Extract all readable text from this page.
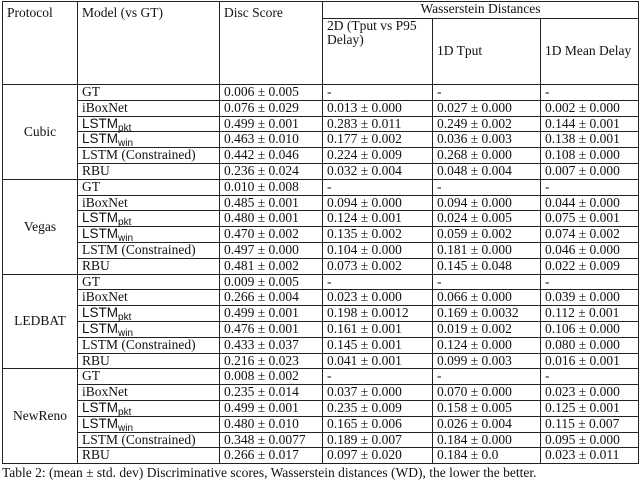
Protocol	Model (vs GT)	Disc Score	Wasserstein Distances		
			2D (Tput vs P95 Delay)	1D Tput	1D Mean Delay
Cubic	GT	0.006 ± 0.005	-	-	-
	iBoxNet	0.076 ± 0.029	0.013 ± 0.000	0.027 ± 0.000	0.002 ± 0.000
	$LSTM_{pkt}$	0.499 ± 0.001	0.283 ± 0.011	0.249 ± 0.002	0.144 ± 0.001
	$LSTM_{win}$	0.463 ± 0.010	0.177 ± 0.002	0.036 ± 0.003	0.138 ± 0.001
	LSTM (Constrained)	0.442 ± 0.046	0.224 ± 0.009	0.268 ± 0.000	0.108 ± 0.000
	RBU	0.236 ± 0.024	0.032 ± 0.004	0.048 ± 0.004	0.007 ± 0.000
Vegas	GT	0.010 ± 0.008	-	-	-
	iBoxNet	0.485 ± 0.001	0.094 ± 0.000	0.094 ± 0.000	0.044 ± 0.000
	$LSTM_{pkt}$	0.480 ± 0.001	0.124 ± 0.001	0.024 ± 0.005	0.075 ± 0.001
	$LSTM_{win}$	0.470 ± 0.002	0.135 ± 0.002	0.059 ± 0.002	0.074 ± 0.002
	LSTM (Constrained)	0.497 ± 0.000	0.104 ± 0.000	0.181 ± 0.000	0.046 ± 0.000
	RBU	0.481 ± 0.002	0.073 ± 0.002	0.145 ± 0.048	0.022 ± 0.009
LEDBAT	GT	0.009 ± 0.005	-	-	-
	iBoxNet	0.266 ± 0.004	0.023 ± 0.000	0.066 ± 0.000	0.039 ± 0.000
	$LSTM_{pkt}$	0.499 ± 0.001	0.198 ± 0.0012	0.169 ± 0.0032	0.112 ± 0.001
	$LSTM_{win}$	0.476 ± 0.001	0.161 ± 0.001	0.019 ± 0.002	0.106 ± 0.000
	LSTM (Constrained)	0.433 ± 0.037	0.145 ± 0.001	0.124 ± 0.000	0.080 ± 0.000
	RBU	0.216 ± 0.023	0.041 ± 0.001	0.099 ± 0.003	0.016 ± 0.001
NewReno	GT	0.008 ± 0.002	-	-	-
	iBoxNet	0.235 ± 0.014	0.037 ± 0.000	0.070 ± 0.000	0.023 ± 0.000
	$LSTM_{pkt}$	0.499 ± 0.001	0.235 ± 0.009	0.158 ± 0.005	0.125 ± 0.001
	$LSTM_{win}$	0.480 ± 0.010	0.165 ± 0.006	0.026 ± 0.004	0.115 ± 0.007
	LSTM (Constrained)	0.348 ± 0.0077	0.189 ± 0.007	0.184 ± 0.000	0.095 ± 0.000
	RBU	0.266 ± 0.017	0.097 ± 0.020	0.184 ± 0.0	0.023 ± 0.011
Table 2: (mean ± std. dev) Discriminative scores, Wasserstein distances (WD), the lower the better.
